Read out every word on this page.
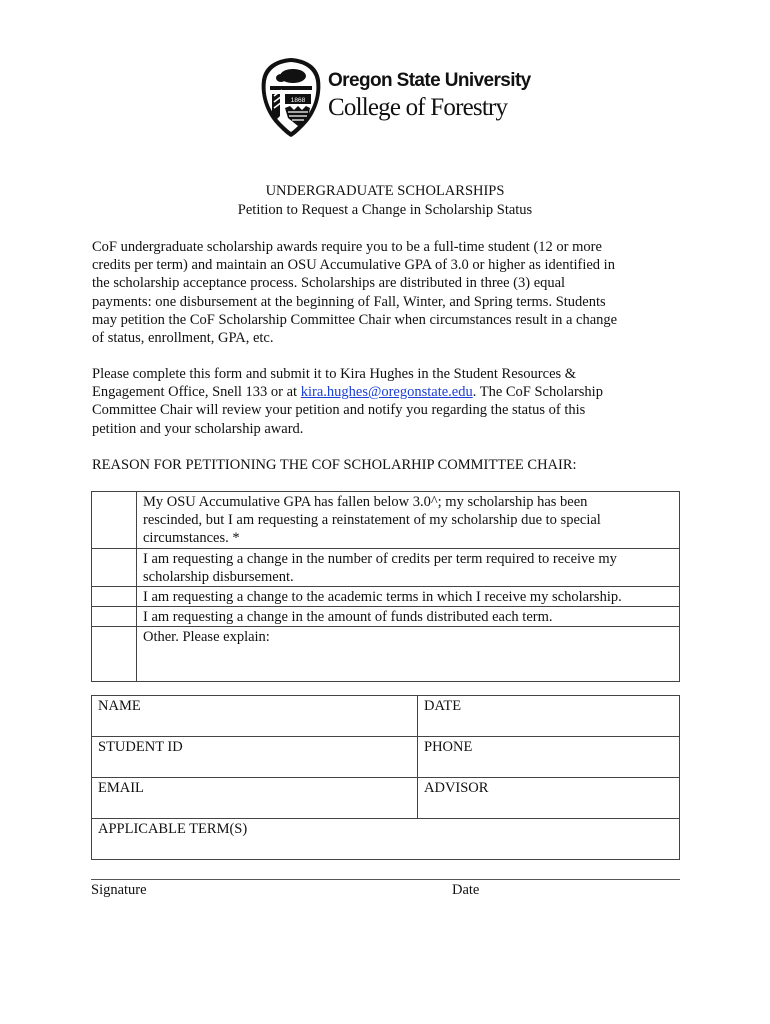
1868
Oregon State University
College of Forestry
UNDERGRADUATE SCHOLARSHIPS
Petition to Request a Change in Scholarship Status
CoF undergraduate scholarship awards require you to be a full-time student (12 or more
credits per term) and maintain an OSU Accumulative GPA of 3.0 or higher as identified in
the scholarship acceptance process. Scholarships are distributed in three (3) equal
payments: one disbursement at the beginning of Fall, Winter, and Spring terms. Students
may petition the CoF Scholarship Committee Chair when circumstances result in a change
of status, enrollment, GPA, etc.
Please complete this form and submit it to Kira Hughes in the Student Resources &
Engagement Office, Snell 133 or at kira.hughes@oregonstate.edu. The CoF Scholarship
Committee Chair will review your petition and notify you regarding the status of this
petition and your scholarship award.
REASON FOR PETITIONING THE COF SCHOLARHIP COMMITTEE CHAIR:

	My OSU Accumulative GPA has fallen below 3.0^; my scholarship has been
rescinded, but I am requesting a reinstatement of my scholarship due to special
circumstances. *

	I am requesting a change in the number of credits per term required to receive my
scholarship disbursement.

	I am requesting a change to the academic terms in which I receive my scholarship.

	I am requesting a change in the amount of funds distributed each term.

	Other. Please explain:
NAME	DATE
STUDENT ID	PHONE
EMAIL	ADVISOR
APPLICABLE TERM(S)	
Signature	Date
